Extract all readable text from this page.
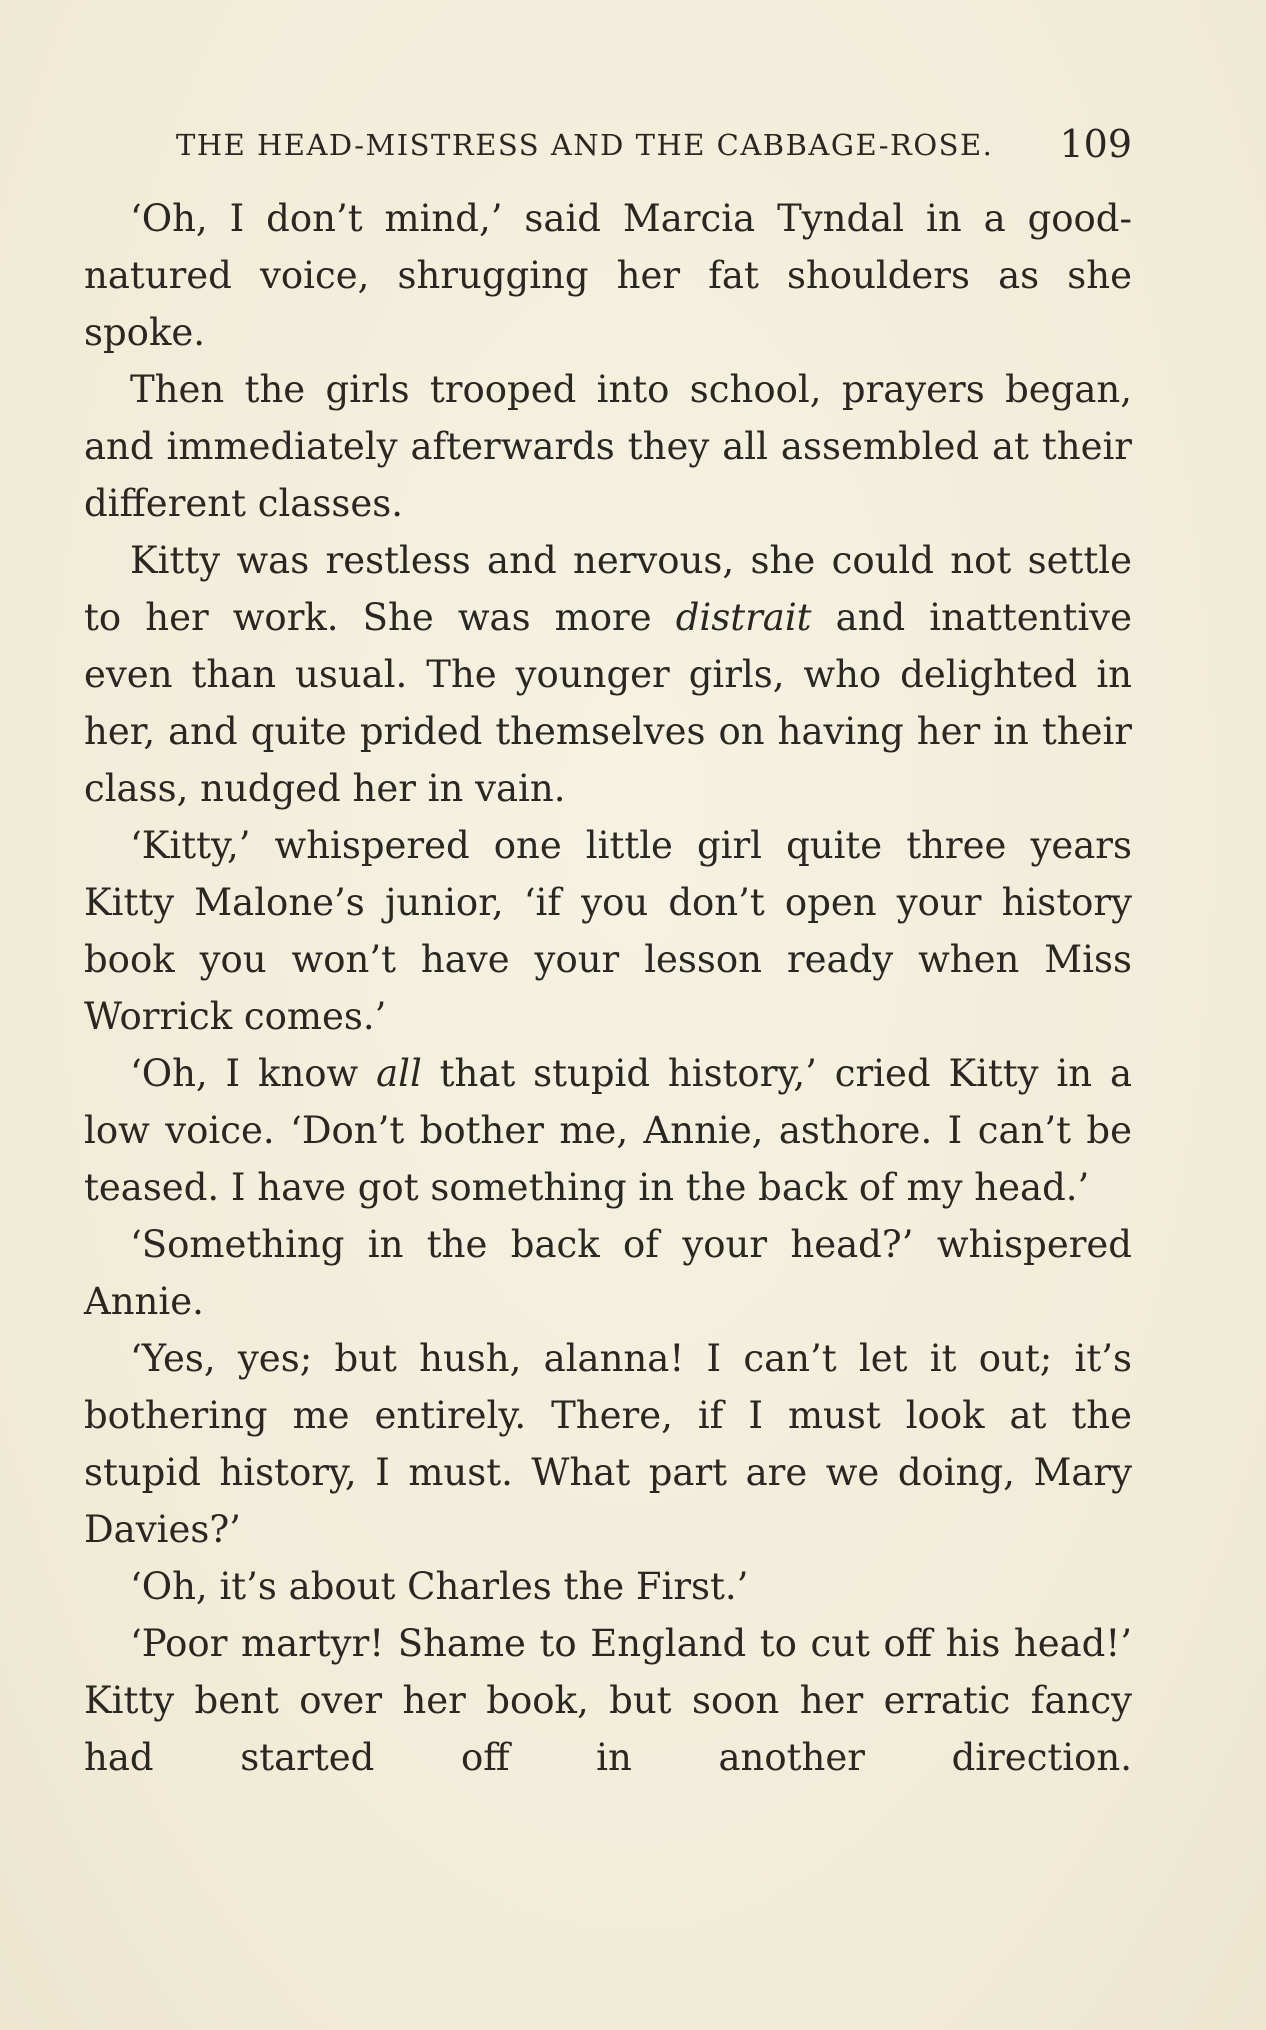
THE HEAD-MISTRESS AND THE CABBAGE-ROSE. 109

‘Oh, I don’t mind,’ said Marcia Tyndal in a good-natured voice, shrugging her fat shoulders as she spoke.

Then the girls trooped into school, prayers began, and immediately afterwards they all assembled at their different classes.

Kitty was restless and nervous, she could not settle to her work. She was more distrait and inattentive even than usual. The younger girls, who delighted in her, and quite prided themselves on having her in their class, nudged her in vain.

‘Kitty,’ whispered one little girl quite three years Kitty Malone’s junior, ‘if you don’t open your history book you won’t have your lesson ready when Miss Worrick comes.’

‘Oh, I know all that stupid history,’ cried Kitty in a low voice. ‘Don’t bother me, Annie, asthore. I can’t be teased. I have got something in the back of my head.’

‘Something in the back of your head?’ whispered Annie.

‘Yes, yes; but hush, alanna! I can’t let it out; it’s bothering me entirely. There, if I must look at the stupid history, I must. What part are we doing, Mary Davies?’

‘Oh, it’s about Charles the First.’

‘Poor martyr! Shame to England to cut off his head!’ Kitty bent over her book, but soon her erratic fancy had started off in another direction.
